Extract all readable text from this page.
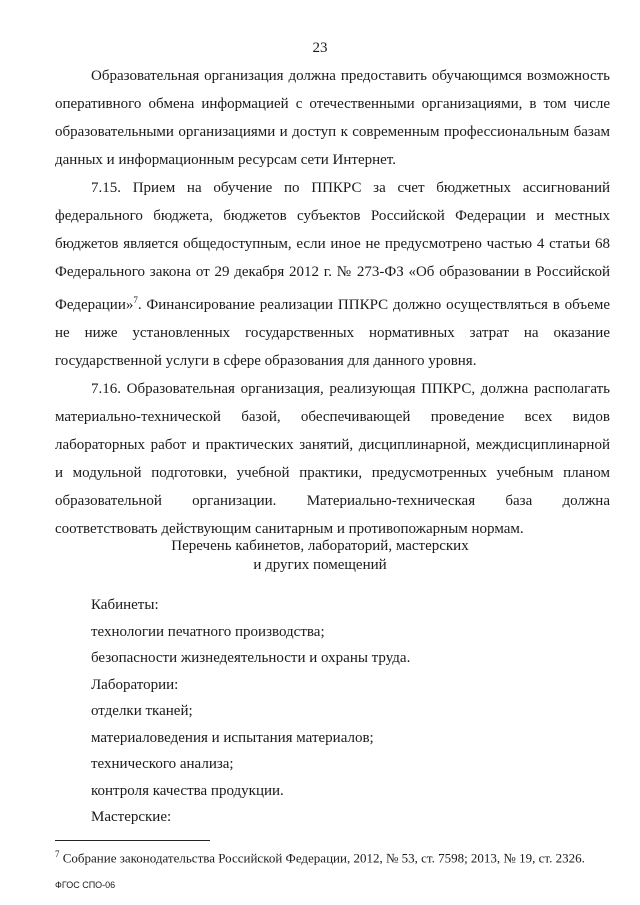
23

Образовательная организация должна предоставить обучающимся возможность оперативного обмена информацией с отечественными организациями, в том числе образовательными организациями и доступ к современным профессиональным базам данных и информационным ресурсам сети Интернет.

7.15. Прием на обучение по ППКРС за счет бюджетных ассигнований федерального бюджета, бюджетов субъектов Российской Федерации и местных бюджетов является общедоступным, если иное не предусмотрено частью 4 статьи 68 Федерального закона от 29 декабря 2012 г. № 273-ФЗ «Об образовании в Российской Федерации»$^7$. Финансирование реализации ППКРС должно осуществляться в объеме не ниже установленных государственных нормативных затрат на оказание государственной услуги в сфере образования для данного уровня.

7.16. Образовательная организация, реализующая ППКРС, должна располагать материально-технической базой, обеспечивающей проведение всех видов лабораторных работ и практических занятий, дисциплинарной, междисциплинарной и модульной подготовки, учебной практики, предусмотренных учебным планом образовательной организации. Материально-техническая база должна соответствовать действующим санитарным и противопожарным нормам.

Перечень кабинетов, лабораторий, мастерских
и других помещений
Кабинеты:
технологии печатного производства;
безопасности жизнедеятельности и охраны труда.
Лаборатории:
отделки тканей;
материаловедения и испытания материалов;
технического анализа;
контроля качества продукции.
Мастерские:
$^7$ Собрание законодательства Российской Федерации, 2012, № 53, ст. 7598; 2013, № 19, ст. 2326.
ФГОС СПО-06
